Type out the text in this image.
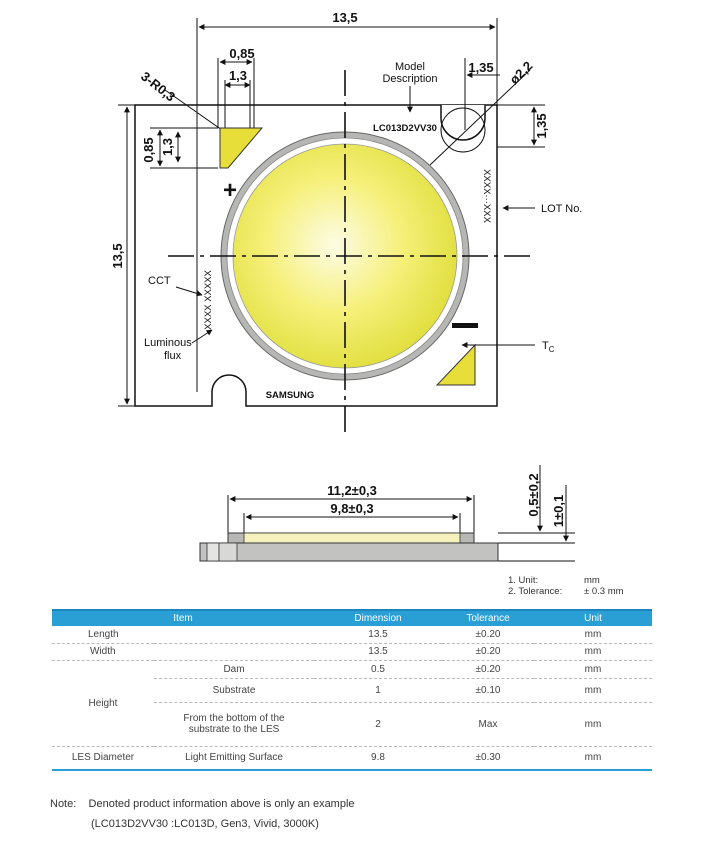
13,5
1,35 ø2,2
1,35
13,5
0,85
1,3
3-R0,3
0,85 1,3
+
Model
Description
LC013D2VV30
XXXX···XXX	LOT No.
CCT	XXXX XXXXX
Luminous
flux
$T_C$
SAMSUNG
11,2±0,3
9,8±0,3	0,5±0,2 1±0,1
1. Unit:	mm
2. Tolerance:	± 0.3 mm
Item		Dimension	Tolerance	Unit
Length		13.5	±0.20	mm
Width		13.5	±0.20	mm
Height	Dam	0.5	±0.20	mm
	Substrate	1	±0.10	mm
	From the bottom of the
substrate to the LES	2	Max	mm
LES Diameter	Light Emitting Surface	9.8	±0.30	mm
Note: Denoted product information above is only an example
(LC013D2VV30 :LC013D, Gen3, Vivid, 3000K)
